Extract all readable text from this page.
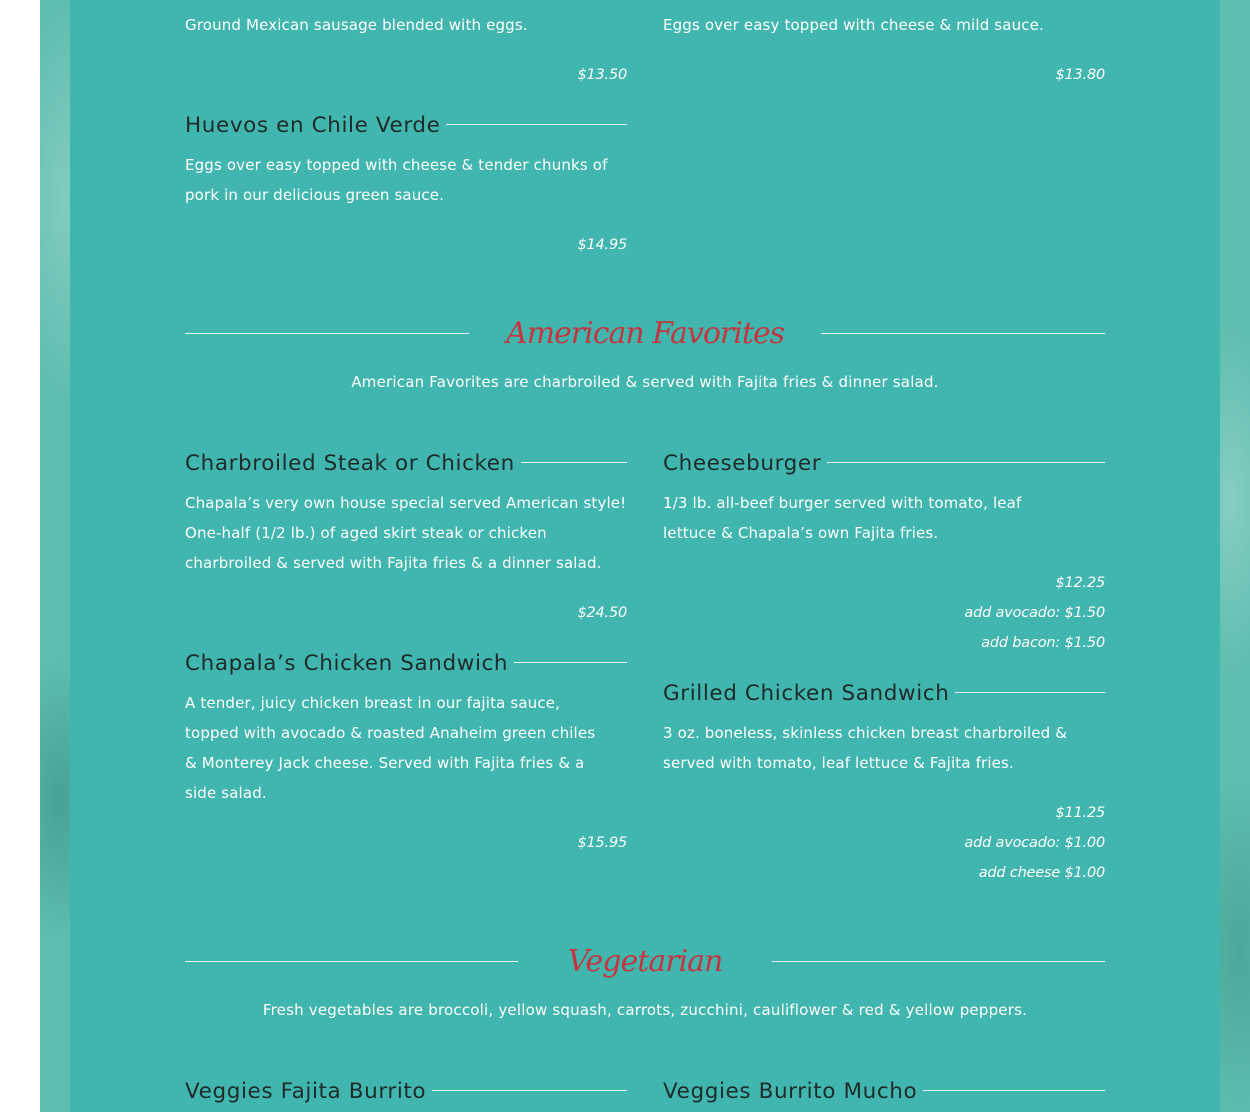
Ground Mexican sausage blended with eggs.
$13.50
Eggs over easy topped with cheese & mild sauce.
$13.80
Huevos en Chile Verde
Eggs over easy topped with cheese & tender chunks of pork in our delicious green sauce.
$14.95
American Favorites
American Favorites are charbroiled & served with Fajita fries & dinner salad.
Charbroiled Steak or Chicken
Chapala’s very own house special served American style! One-half (1/2 lb.) of aged skirt steak or chicken charbroiled & served with Fajita fries & a dinner salad.
$24.50
Cheeseburger
1/3 lb. all-beef burger served with tomato, leaf lettuce & Chapala’s own Fajita fries.
$12.25
add avocado: $1.50
add bacon: $1.50
Chapala’s Chicken Sandwich
A tender, juicy chicken breast in our fajita sauce, topped with avocado & roasted Anaheim green chiles & Monterey Jack cheese. Served with Fajita fries & a side salad.
$15.95
Grilled Chicken Sandwich
3 oz. boneless, skinless chicken breast charbroiled & served with tomato, leaf lettuce & Fajita fries.
$11.25
add avocado: $1.00
add cheese $1.00
Vegetarian
Fresh vegetables are broccoli, yellow squash, carrots, zucchini, cauliflower & red & yellow peppers.
Veggies Fajita Burrito	Veggies Burrito Mucho
